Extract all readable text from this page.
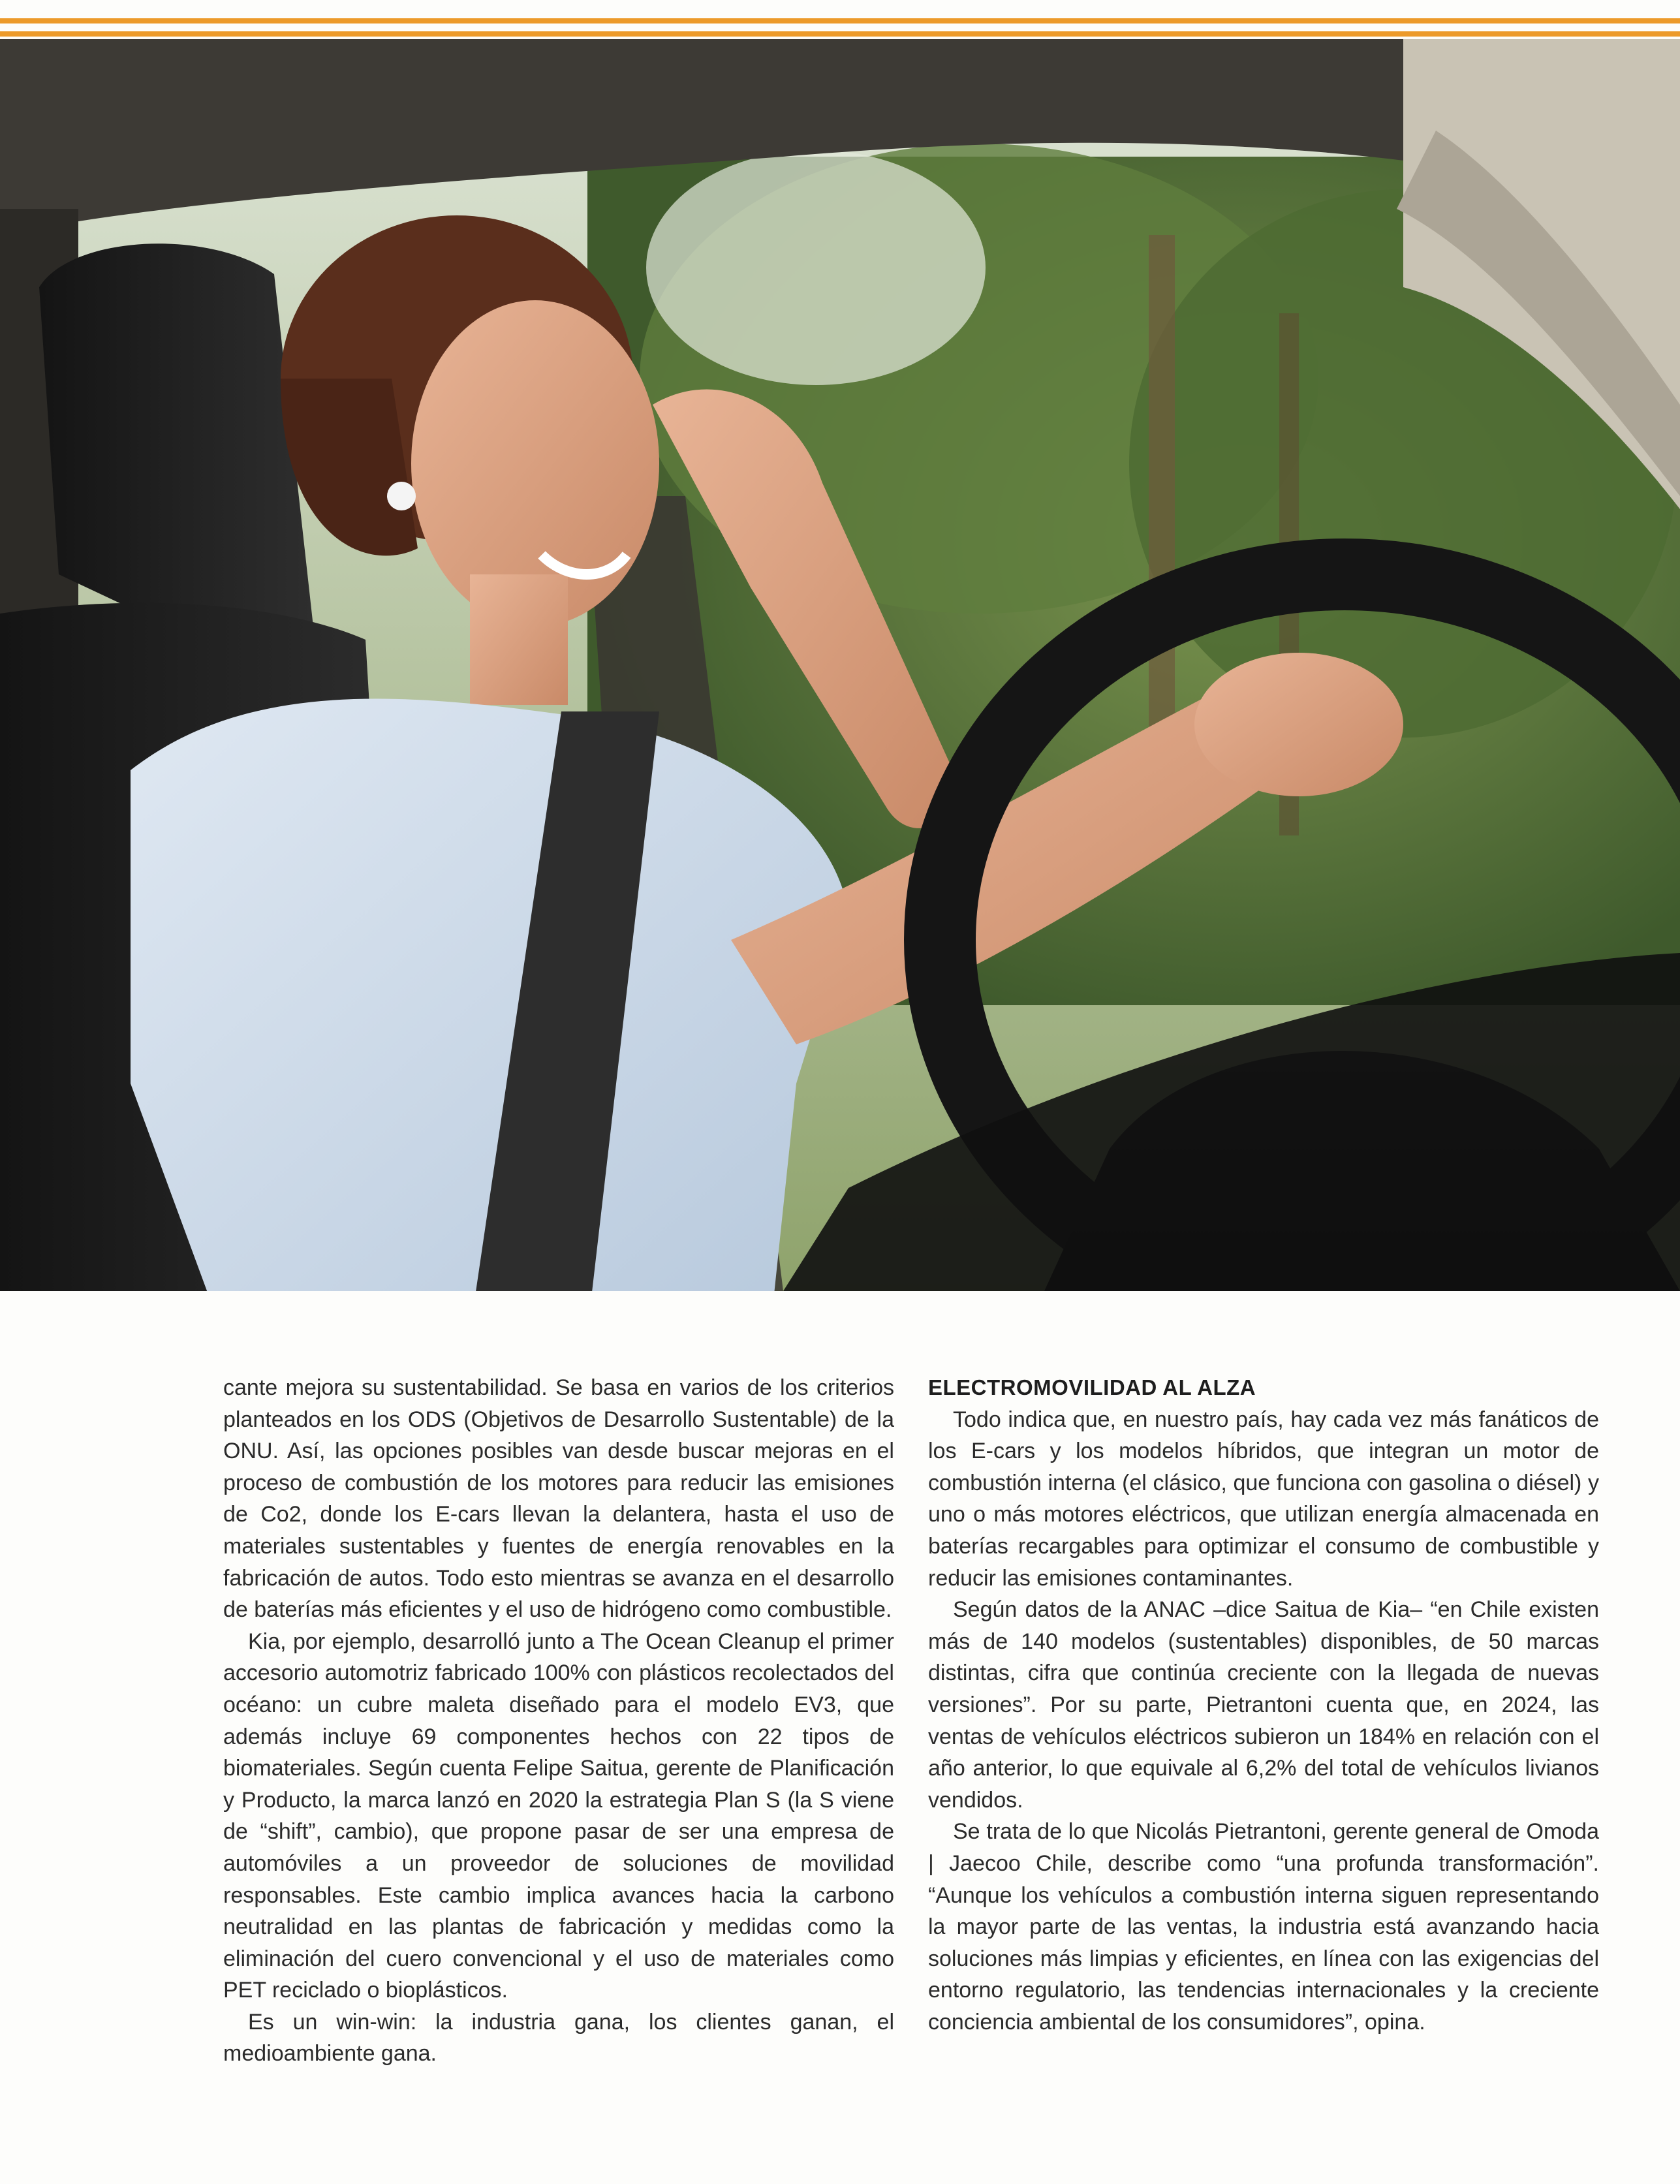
cante mejora su sustentabilidad. Se basa en varios de los criterios planteados en los ODS (Objetivos de Desarrollo Sustentable) de la ONU. Así, las opciones posibles van desde buscar mejoras en el proceso de combustión de los motores para reducir las emisiones de Co2, donde los E-cars llevan la delantera, hasta el uso de materiales sustentables y fuentes de energía renovables en la fabricación de autos. Todo esto mientras se avanza en el desarrollo de baterías más eficientes y el uso de hidrógeno como combustible.

Kia, por ejemplo, desarrolló junto a The Ocean Cleanup el primer accesorio automotriz fabricado 100% con plásticos recolectados del océano: un cubre maleta diseñado para el modelo EV3, que además incluye 69 componentes hechos con 22 tipos de biomateriales. Según cuenta Felipe Saitua, gerente de Planificación y Producto, la marca lanzó en 2020 la estrategia Plan S (la S viene de “shift”, cambio), que propone pasar de ser una empresa de automóviles a un proveedor de soluciones de movilidad responsables. Este cambio implica avances hacia la carbono neutralidad en las plantas de fabricación y medidas como la eliminación del cuero convencional y el uso de materiales como PET reciclado o bioplásticos.

Es un win-win: la industria gana, los clientes ganan, el medioambiente gana.

ELECTROMOVILIDAD AL ALZA

Todo indica que, en nuestro país, hay cada vez más fanáticos de los E-cars y los modelos híbridos, que integran un motor de combustión interna (el clásico, que funciona con gasolina o diésel) y uno o más motores eléctricos, que utilizan energía almacenada en baterías recargables para optimizar el consumo de combustible y reducir las emisiones contaminantes.

Según datos de la ANAC –dice Saitua de Kia– “en Chile existen más de 140 modelos (sustentables) disponibles, de 50 marcas distintas, cifra que continúa creciente con la llegada de nuevas versiones”. Por su parte, Pietrantoni cuenta que, en 2024, las ventas de vehículos eléctricos subieron un 184% en relación con el año anterior, lo que equivale al 6,2% del total de vehículos livianos vendidos.

Se trata de lo que Nicolás Pietrantoni, gerente general de Omoda | Jaecoo Chile, describe como “una profunda transformación”. “Aunque los vehículos a combustión interna siguen representando la mayor parte de las ventas, la industria está avanzando hacia soluciones más limpias y eficientes, en línea con las exigencias del entorno regulatorio, las tendencias internacionales y la creciente conciencia ambiental de los consumidores”, opina.
